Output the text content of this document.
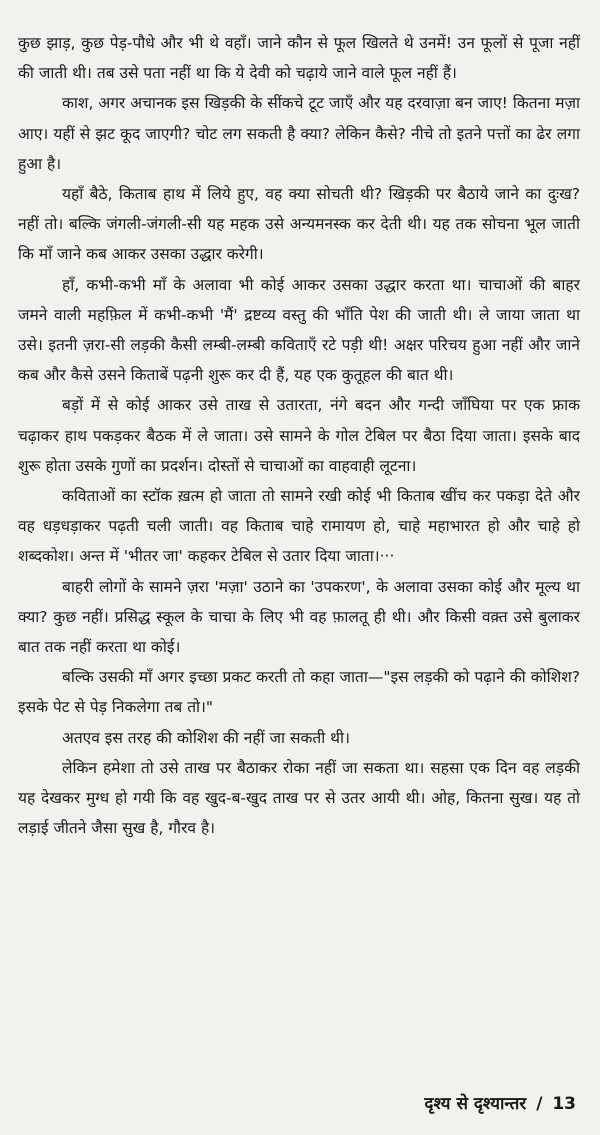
कुछ झाड़, कुछ पेड़-पौधे और भी थे वहाँ। जाने कौन से फूल खिलते थे उनमें! उन फूलों से पूजा नहीं की जाती थी। तब उसे पता नहीं था कि ये देवी को चढ़ाये जाने वाले फूल नहीं हैं।

काश, अगर अचानक इस खिड़की के सींकचे टूट जाएँ और यह दरवाज़ा बन जाए! कितना मज़ा आए। यहीं से झट कूद जाएगी? चोट लग सकती है क्या? लेकिन कैसे? नीचे तो इतने पत्तों का ढेर लगा हुआ है।

यहाँ बैठे, किताब हाथ में लिये हुए, वह क्या सोचती थी? खिड़की पर बैठाये जाने का दुःख? नहीं तो। बल्कि जंगली-जंगली-सी यह महक उसे अन्यमनस्क कर देती थी। यह तक सोचना भूल जाती कि माँ जाने कब आकर उसका उद्धार करेगी।

हाँ, कभी-कभी माँ के अलावा भी कोई आकर उसका उद्धार करता था। चाचाओं की बाहर जमने वाली महफ़िल में कभी-कभी 'मैं' द्रष्टव्य वस्तु की भाँति पेश की जाती थी। ले जाया जाता था उसे। इतनी ज़रा-सी लड़की कैसी लम्बी-लम्बी कविताएँ रटे पड़ी थी! अक्षर परिचय हुआ नहीं और जाने कब और कैसे उसने किताबें पढ़नी शुरू कर दी हैं, यह एक कुतूहल की बात थी।

बड़ों में से कोई आकर उसे ताख से उतारता, नंगे बदन और गन्दी जाँघिया पर एक फ्राक चढ़ाकर हाथ पकड़कर बैठक में ले जाता। उसे सामने के गोल टेबिल पर बैठा दिया जाता। इसके बाद शुरू होता उसके गुणों का प्रदर्शन। दोस्तों से चाचाओं का वाहवाही लूटना।

कविताओं का स्टॉक ख़त्म हो जाता तो सामने रखी कोई भी किताब खींच कर पकड़ा देते और वह धड़धड़ाकर पढ़ती चली जाती। वह किताब चाहे रामायण हो, चाहे महाभारत हो और चाहे हो शब्दकोश। अन्त में 'भीतर जा' कहकर टेबिल से उतार दिया जाता।···

बाहरी लोगों के सामने ज़रा 'मज़ा' उठाने का 'उपकरण', के अलावा उसका कोई और मूल्य था क्या? कुछ नहीं। प्रसिद्ध स्कूल के चाचा के लिए भी वह फ़ालतू ही थी। और किसी वक़्त उसे बुलाकर बात तक नहीं करता था कोई।

बल्कि उसकी माँ अगर इच्छा प्रकट करती तो कहा जाता—"इस लड़की को पढ़ाने की कोशिश? इसके पेट से पेड़ निकलेगा तब तो।"

अतएव इस तरह की कोशिश की नहीं जा सकती थी।

लेकिन हमेशा तो उसे ताख पर बैठाकर रोका नहीं जा सकता था। सहसा एक दिन वह लड़की यह देखकर मुग्ध हो गयी कि वह खुद-ब-खुद ताख पर से उतर आयी थी। ओह, कितना सुख। यह तो लड़ाई जीतने जैसा सुख है, गौरव है।

दृश्य से दृश्यान्तर / 13
